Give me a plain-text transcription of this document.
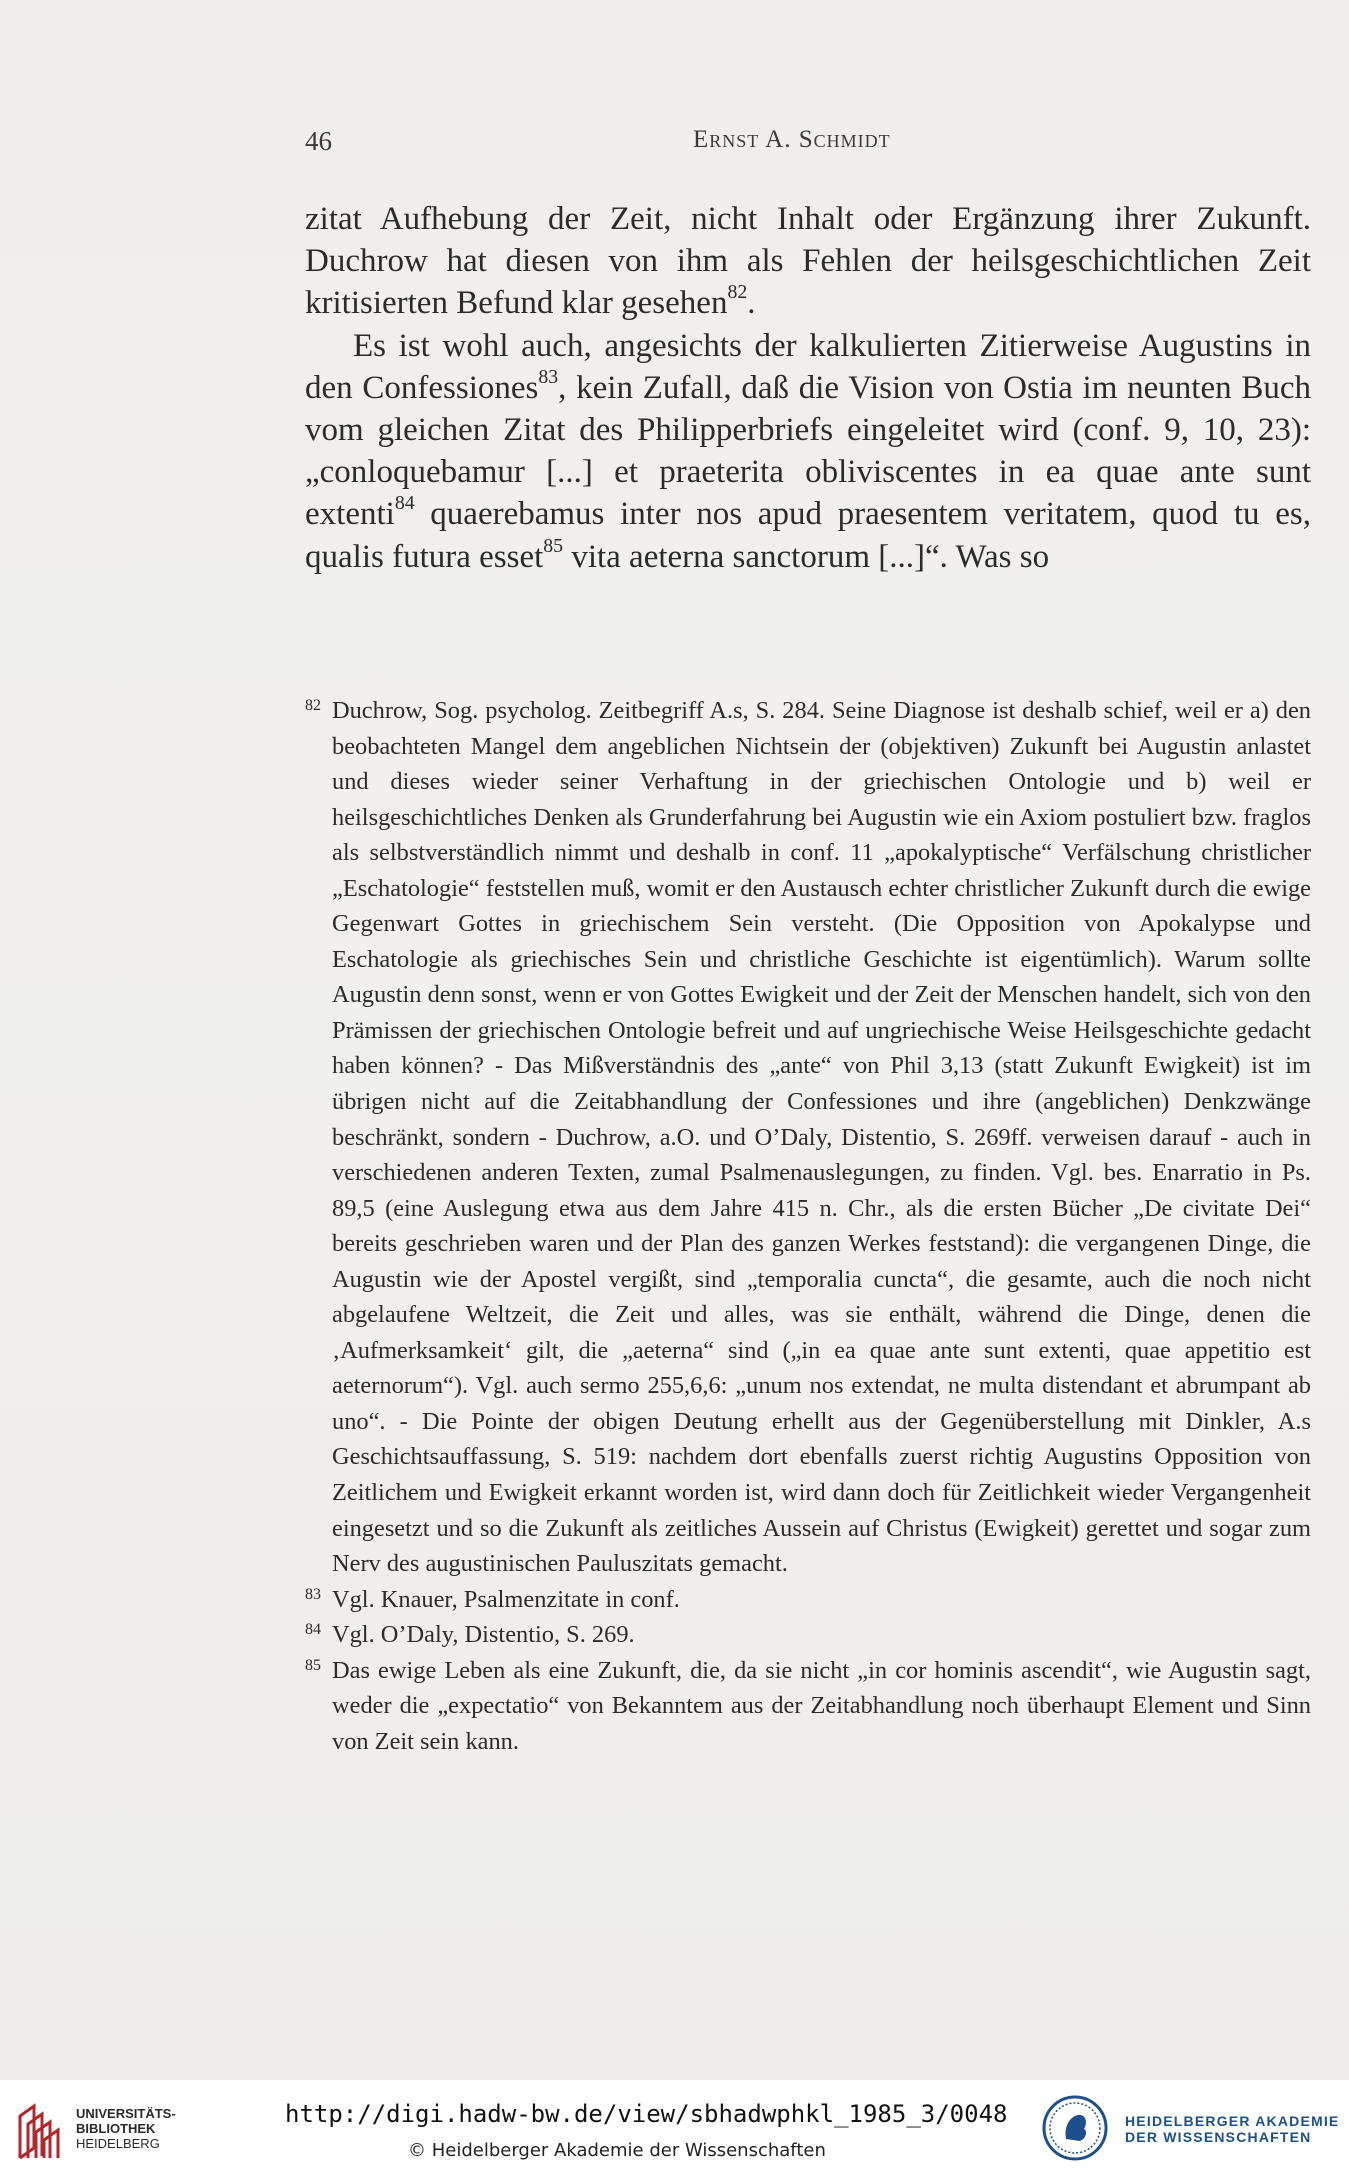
46	Ernst A. Schmidt

zitat Aufhebung der Zeit, nicht Inhalt oder Ergänzung ihrer Zukunft. Duchrow hat diesen von ihm als Fehlen der heilsgeschichtlichen Zeit kritisierten Befund klar gesehen$^{82}$.

Es ist wohl auch, angesichts der kalkulierten Zitierweise Augustins in den Confessiones$^{83}$, kein Zufall, daß die Vision von Ostia im neunten Buch vom gleichen Zitat des Philipperbriefs eingeleitet wird (conf. 9, 10, 23): „conloquebamur [...] et praeterita obliviscentes in ea quae ante sunt extenti$^{84}$ quaerebamus inter nos apud praesentem veritatem, quod tu es, qualis futura esset$^{85}$ vita aeterna sanctorum [...]“. Was so

82 Duchrow, Sog. psycholog. Zeitbegriff A.s, S. 284. Seine Diagnose ist deshalb schief, weil er a) den beobachteten Mangel dem angeblichen Nichtsein der (objektiven) Zukunft bei Augustin anlastet und dieses wieder seiner Verhaftung in der griechischen Ontologie und b) weil er heilsgeschichtliches Denken als Grunderfahrung bei Augustin wie ein Axiom postuliert bzw. fraglos als selbstverständlich nimmt und deshalb in conf. 11 „apokalyptische“ Verfälschung christlicher „Eschatologie“ feststellen muß, womit er den Austausch echter christlicher Zukunft durch die ewige Gegenwart Gottes in griechischem Sein versteht. (Die Opposition von Apokalypse und Eschatologie als griechisches Sein und christliche Geschichte ist eigentümlich). Warum sollte Augustin denn sonst, wenn er von Gottes Ewigkeit und der Zeit der Menschen handelt, sich von den Prämissen der griechischen Ontologie befreit und auf ungriechische Weise Heilsgeschichte gedacht haben können? - Das Mißverständnis des „ante“ von Phil 3,13 (statt Zukunft Ewigkeit) ist im übrigen nicht auf die Zeitabhandlung der Confessiones und ihre (angeblichen) Denkzwänge beschränkt, sondern - Duchrow, a.O. und O’Daly, Distentio, S. 269ff. verweisen darauf - auch in verschiedenen anderen Texten, zumal Psalmenauslegungen, zu finden. Vgl. bes. Enarratio in Ps. 89,5 (eine Auslegung etwa aus dem Jahre 415 n. Chr., als die ersten Bücher „De civitate Dei“ bereits geschrieben waren und der Plan des ganzen Werkes feststand): die vergangenen Dinge, die Augustin wie der Apostel vergißt, sind „temporalia cuncta“, die gesamte, auch die noch nicht abgelaufene Weltzeit, die Zeit und alles, was sie enthält, während die Dinge, denen die ‚Aufmerksamkeit‘ gilt, die „aeterna“ sind („in ea quae ante sunt extenti, quae appetitio est aeternorum“). Vgl. auch sermo 255,6,6: „unum nos extendat, ne multa distendant et abrumpant ab uno“. - Die Pointe der obigen Deutung erhellt aus der Gegenüberstellung mit Dinkler, A.s Geschichtsauffassung, S. 519: nachdem dort ebenfalls zuerst richtig Augustins Opposition von Zeitlichem und Ewigkeit erkannt worden ist, wird dann doch für Zeitlichkeit wieder Vergangenheit eingesetzt und so die Zukunft als zeitliches Aussein auf Christus (Ewigkeit) gerettet und sogar zum Nerv des augustinischen Pauluszitats gemacht.

83 Vgl. Knauer, Psalmenzitate in conf.

84 Vgl. O’Daly, Distentio, S. 269.

85 Das ewige Leben als eine Zukunft, die, da sie nicht „in cor hominis ascendit“, wie Augustin sagt, weder die „expectatio“ von Bekanntem aus der Zeitabhandlung noch überhaupt Element und Sinn von Zeit sein kann.

UNIVERSITÄTS-
BIBLIOTHEK
HEIDELBERG
http://digi.hadw-bw.de/view/sbhadwphkl_1985_3/0048
© Heidelberger Akademie der Wissenschaften
HEIDELBERGER AKADEMIE
DER WISSENSCHAFTEN
